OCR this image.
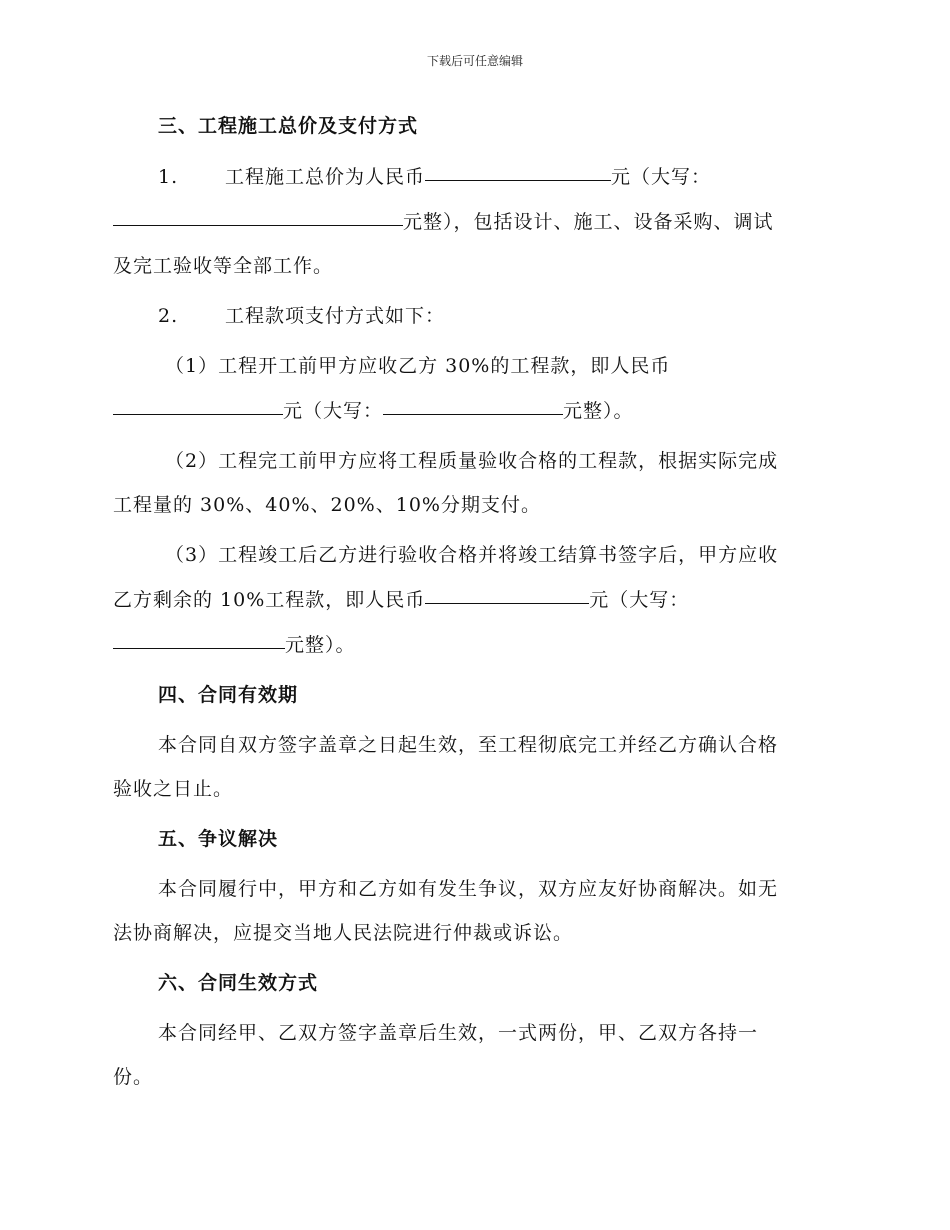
下载后可任意编辑
三、工程施工总价及支付方式
1. 工程施工总价为人民币	元（大写：
元整），包括设计、施工、设备采购、调试
及完工验收等全部工作。
2. 工程款项支付方式如下：
（1）工程开工前甲方应收乙方 30%的工程款，即人民币
元（大写：	元整）。
（2）工程完工前甲方应将工程质量验收合格的工程款，根据实际完成
工程量的 30%、40%、20%、10%分期支付。
（3）工程竣工后乙方进行验收合格并将竣工结算书签字后，甲方应收
乙方剩余的 10%工程款，即人民币	元（大写：
元整）。
四、合同有效期
本合同自双方签字盖章之日起生效，至工程彻底完工并经乙方确认合格
验收之日止。
五、争议解决
本合同履行中，甲方和乙方如有发生争议，双方应友好协商解决。如无
法协商解决，应提交当地人民法院进行仲裁或诉讼。
六、合同生效方式
本合同经甲、乙双方签字盖章后生效，一式两份，甲、乙双方各持一
份。
